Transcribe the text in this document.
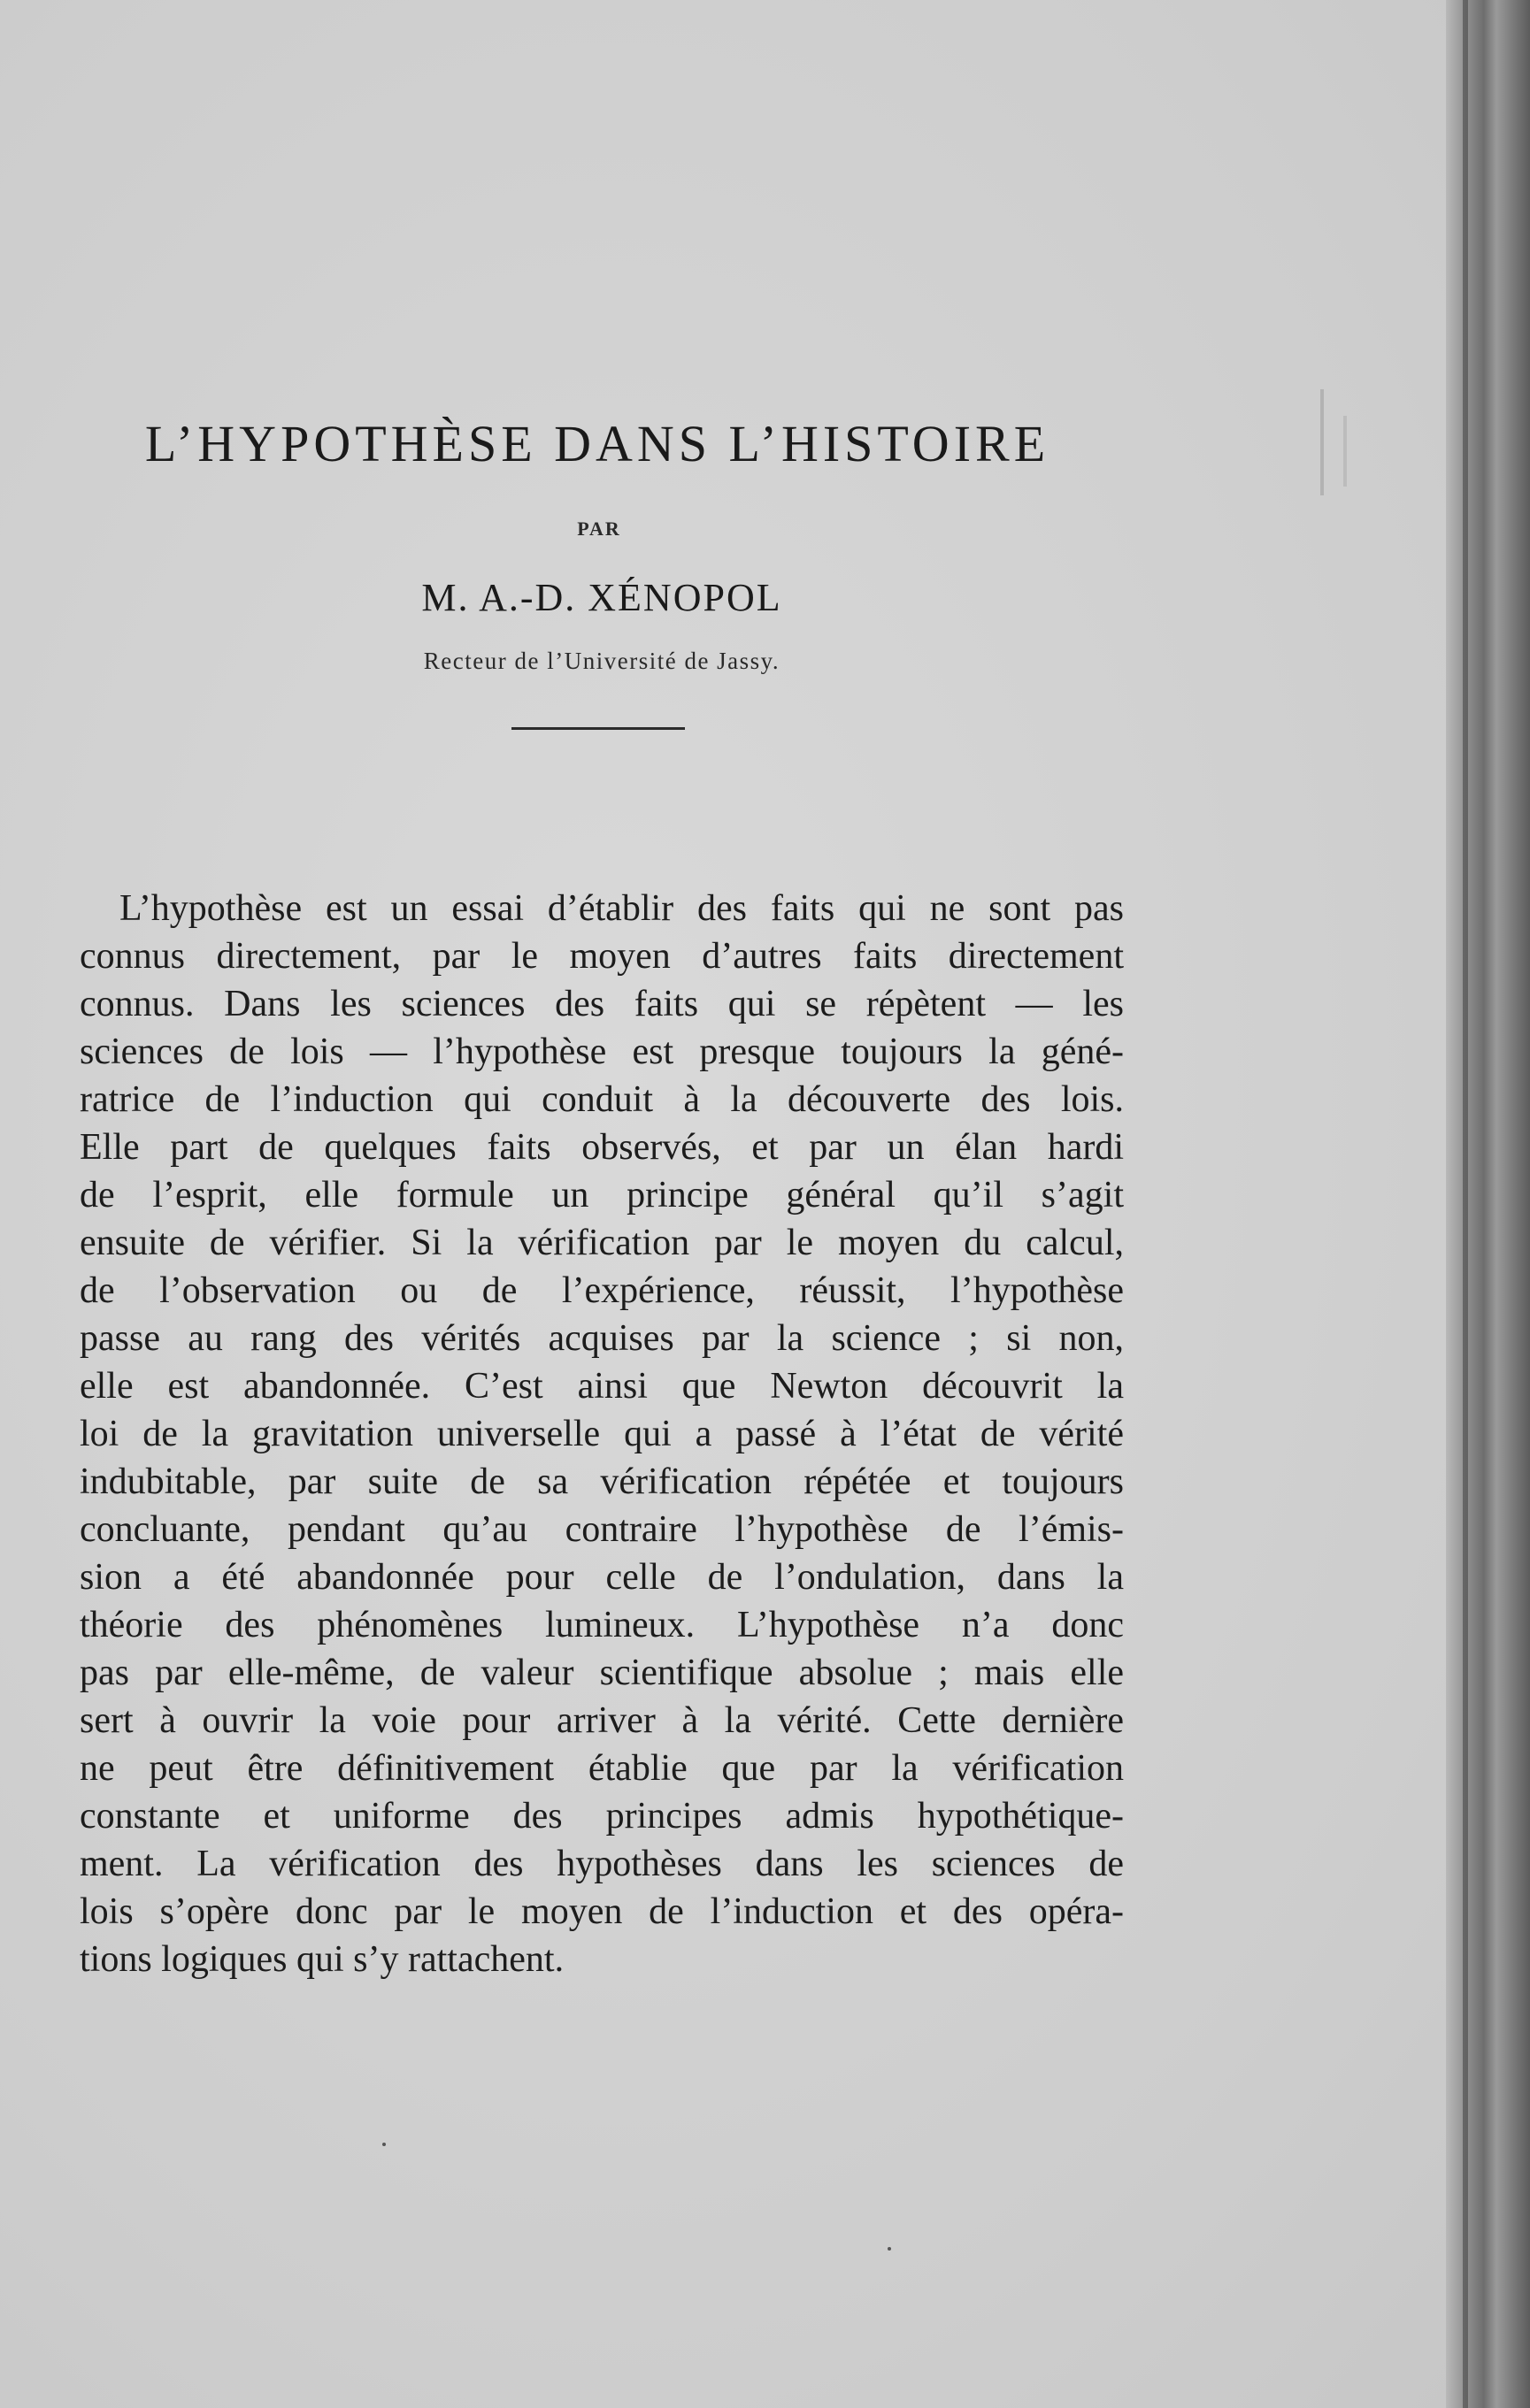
L’HYPOTHÈSE DANS L’HISTOIRE
PAR
M. A.-D. XÉNOPOL
Recteur de l’Université de Jassy.
L’hypothèse est un essai d’établir des faits qui ne sont pas
connus directement, par le moyen d’autres faits directement
connus. Dans les sciences des faits qui se répètent — les
sciences de lois — l’hypothèse est presque toujours la géné-
ratrice de l’induction qui conduit à la découverte des lois.
Elle part de quelques faits observés, et par un élan hardi
de l’esprit, elle formule un principe général qu’il s’agit
ensuite de vérifier. Si la vérification par le moyen du calcul,
de l’observation ou de l’expérience, réussit, l’hypothèse
passe au rang des vérités acquises par la science ; si non,
elle est abandonnée. C’est ainsi que Newton découvrit la
loi de la gravitation universelle qui a passé à l’état de vérité
indubitable, par suite de sa vérification répétée et toujours
concluante, pendant qu’au contraire l’hypothèse de l’émis-
sion a été abandonnée pour celle de l’ondulation, dans la
théorie des phénomènes lumineux. L’hypothèse n’a donc
pas par elle-même, de valeur scientifique absolue ; mais elle
sert à ouvrir la voie pour arriver à la vérité. Cette dernière
ne peut être définitivement établie que par la vérification
constante et uniforme des principes admis hypothétique-
ment. La vérification des hypothèses dans les sciences de
lois s’opère donc par le moyen de l’induction et des opéra-
tions logiques qui s’y rattachent.
